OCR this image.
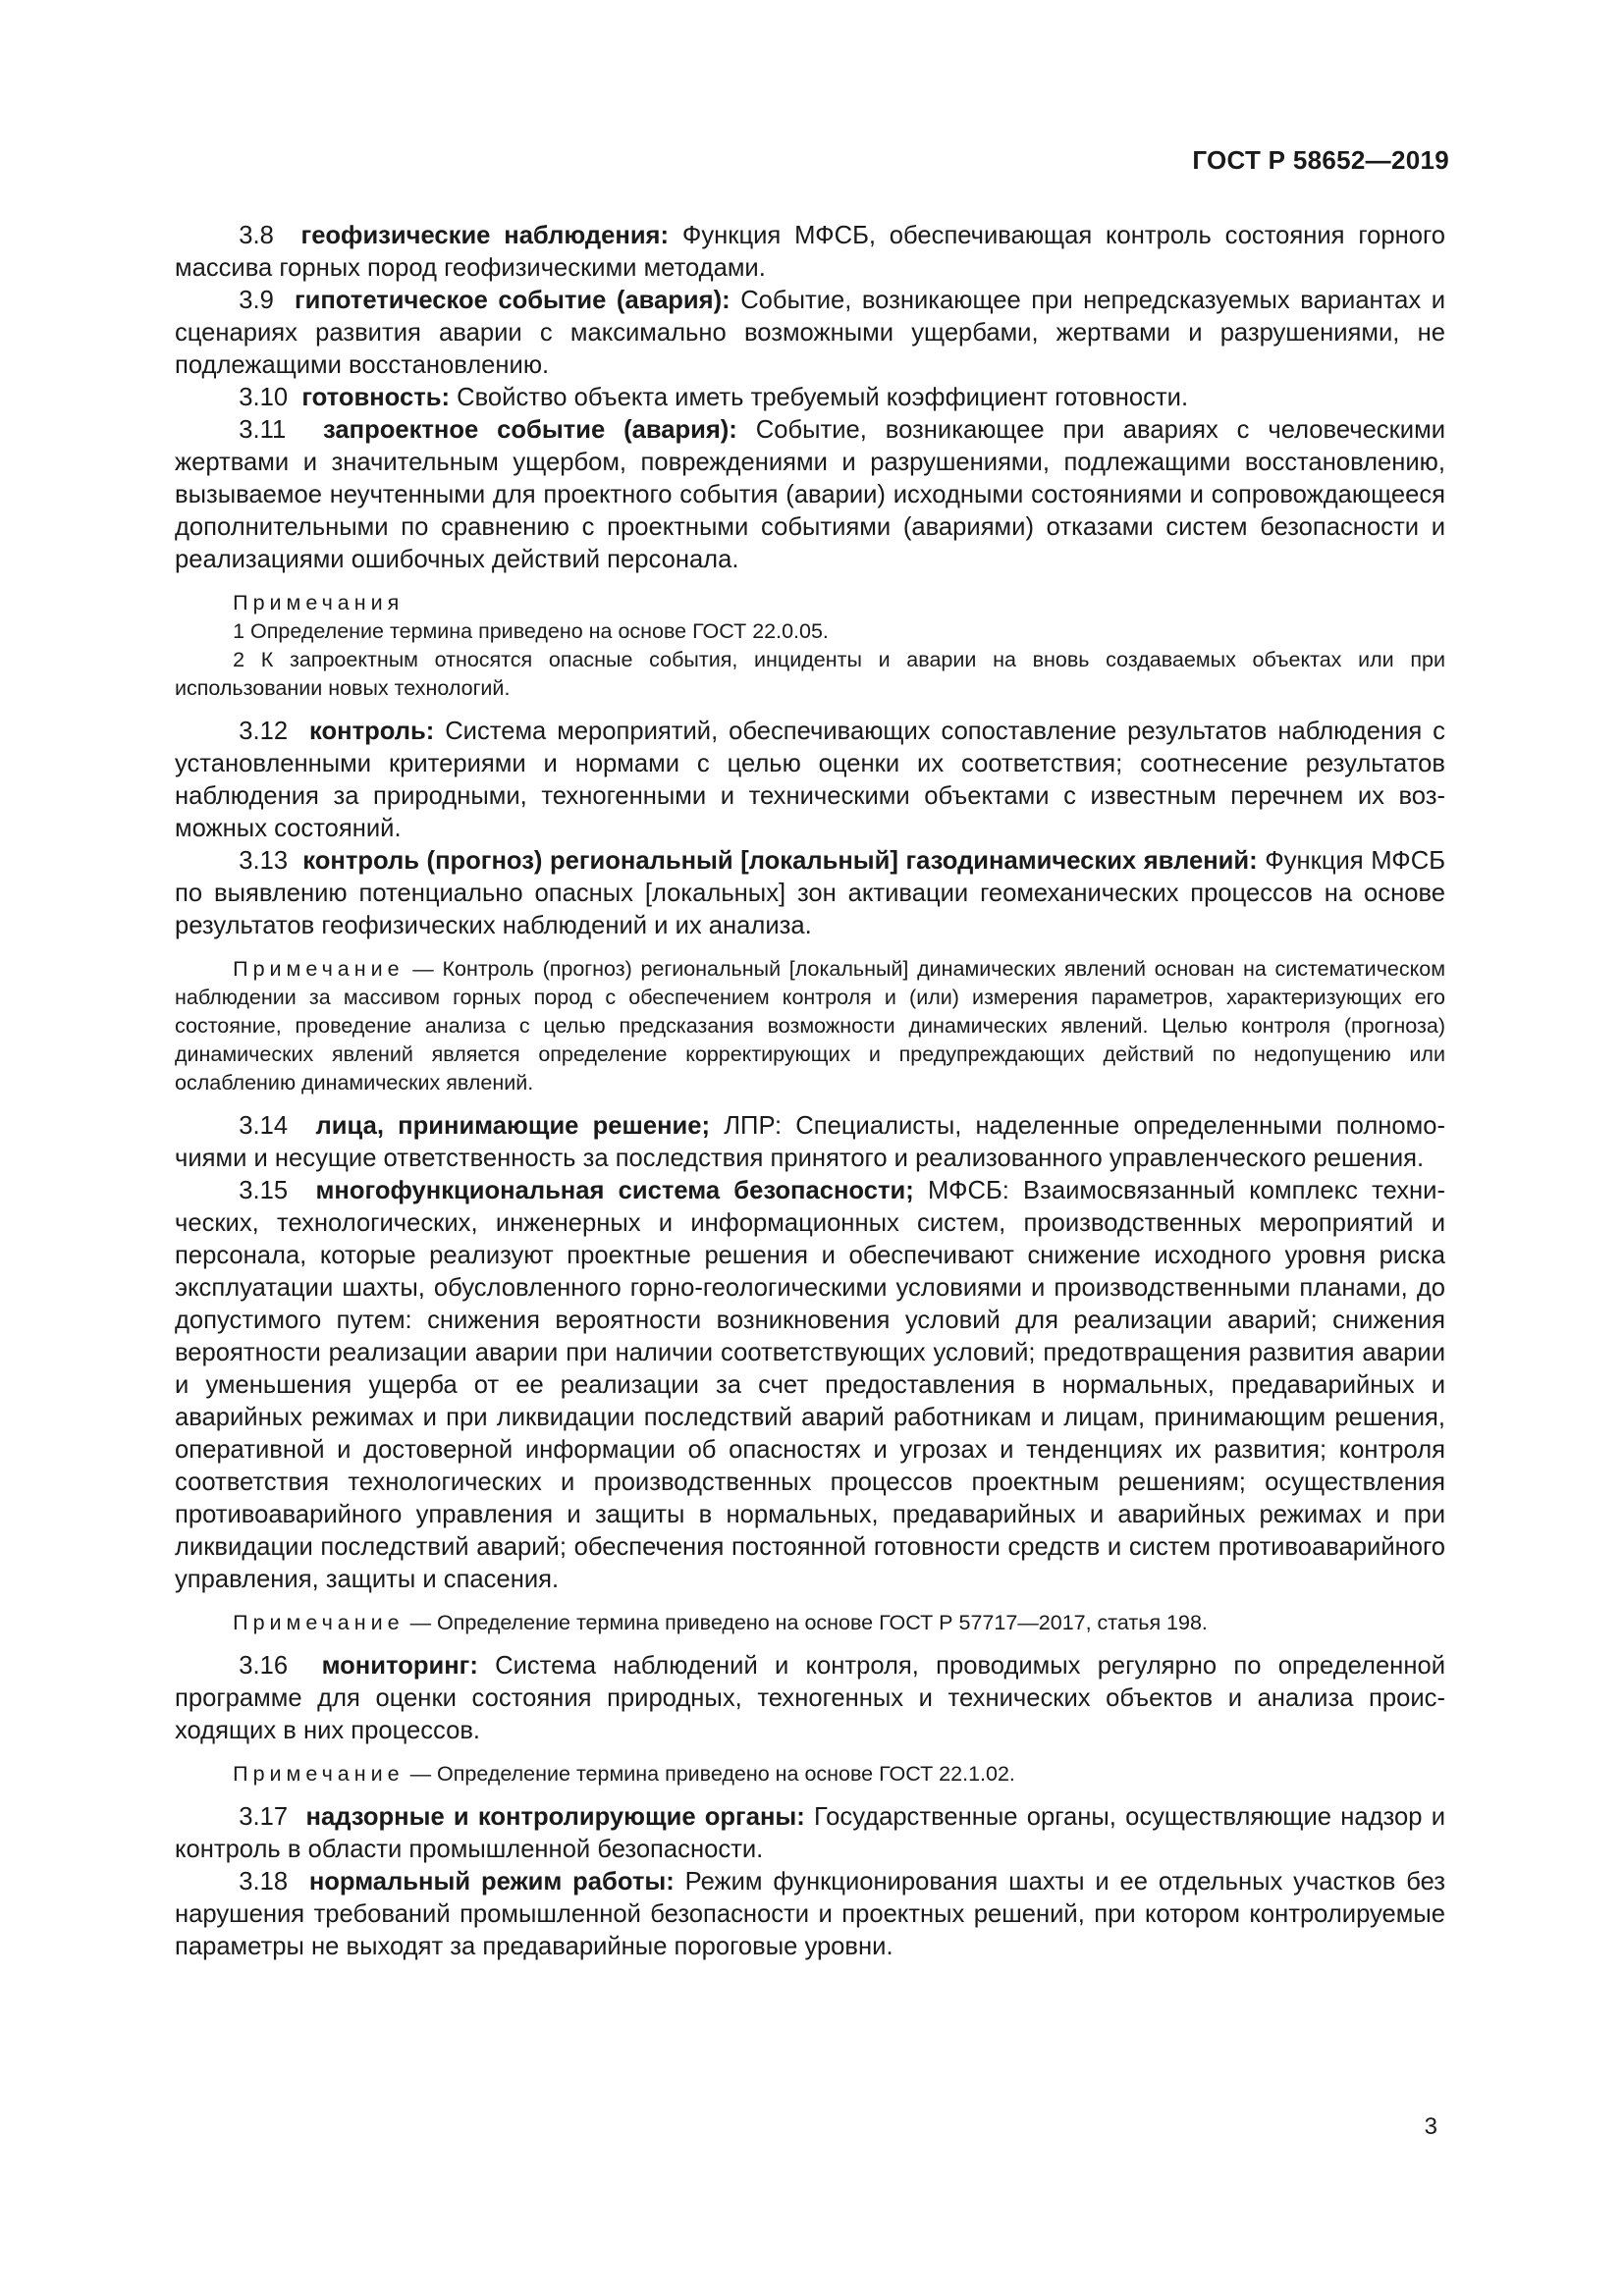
ГОСТ Р 58652—2019

3.8 геофизические наблюдения: Функция МФСБ, обеспечивающая контроль состояния горного массива горных пород геофизическими методами.

3.9 гипотетическое событие (авария): Событие, возникающее при непредсказуемых вариантах и сценариях развития аварии с максимально возможными ущербами, жертвами и разрушениями, не подлежащими восстановлению.

3.10 готовность: Свойство объекта иметь требуемый коэффициент готовности.

3.11 запроектное событие (авария): Событие, возникающее при авариях с человеческими жертвами и значительным ущербом, повреждениями и разрушениями, подлежащими восстановлению, вызываемое неучтенными для проектного события (аварии) исходными состояниями и сопровождающееся дополнительными по сравнению с проектными событиями (авариями) отказами систем безопасности и реализациями ошибочных действий персонала.

Примечания

1 Определение термина приведено на основе ГОСТ 22.0.05.

2 К запроектным относятся опасные события, инциденты и аварии на вновь создаваемых объектах или при использовании новых технологий.

3.12 контроль: Система мероприятий, обеспечивающих сопоставление результатов наблюдения с установленными критериями и нормами с целью оценки их соответствия; соотнесение результатов наблюдения за природными, техногенными и техническими объектами с известным перечнем их возможных состояний.

3.13 контроль (прогноз) региональный [локальный] газодинамических явлений: Функция МФСБ по выявлению потенциально опасных [локальных] зон активации геомеханических процессов на основе результатов геофизических наблюдений и их анализа.

Примечание — Контроль (прогноз) региональный [локальный] динамических явлений основан на систематическом наблюдении за массивом горных пород с обеспечением контроля и (или) измерения параметров, характеризующих его состояние, проведение анализа с целью предсказания возможности динамических явлений. Целью контроля (прогноза) динамических явлений является определение корректирующих и предупреждающих действий по недопущению или ослаблению динамических явлений.

3.14 лица, принимающие решение; ЛПР: Специалисты, наделенные определенными полномочиями и несущие ответственность за последствия принятого и реализованного управленческого решения.

3.15 многофункциональная система безопасности; МФСБ: Взаимосвязанный комплекс технических, технологических, инженерных и информационных систем, производственных мероприятий и персонала, которые реализуют проектные решения и обеспечивают снижение исходного уровня риска эксплуатации шахты, обусловленного горно-геологическими условиями и производственными планами, до допустимого путем: снижения вероятности возникновения условий для реализации аварий; снижения вероятности реализации аварии при наличии соответствующих условий; предотвращения развития аварии и уменьшения ущерба от ее реализации за счет предоставления в нормальных, предаварийных и аварийных режимах и при ликвидации последствий аварий работникам и лицам, принимающим решения, оперативной и достоверной информации об опасностях и угрозах и тенденциях их развития; контроля соответствия технологических и производственных процессов проектным решениям; осуществления противоаварийного управления и защиты в нормальных, предаварийных и аварийных режимах и при ликвидации последствий аварий; обеспечения постоянной готовности средств и систем противоаварийного управления, защиты и спасения.

Примечание — Определение термина приведено на основе ГОСТ Р 57717—2017, статья 198.

3.16 мониторинг: Система наблюдений и контроля, проводимых регулярно по определенной программе для оценки состояния природных, техногенных и технических объектов и анализа происходящих в них процессов.

Примечание — Определение термина приведено на основе ГОСТ 22.1.02.

3.17 надзорные и контролирующие органы: Государственные органы, осуществляющие надзор и контроль в области промышленной безопасности.

3.18 нормальный режим работы: Режим функционирования шахты и ее отдельных участков без нарушения требований промышленной безопасности и проектных решений, при котором контролируемые параметры не выходят за предаварийные пороговые уровни.

3
